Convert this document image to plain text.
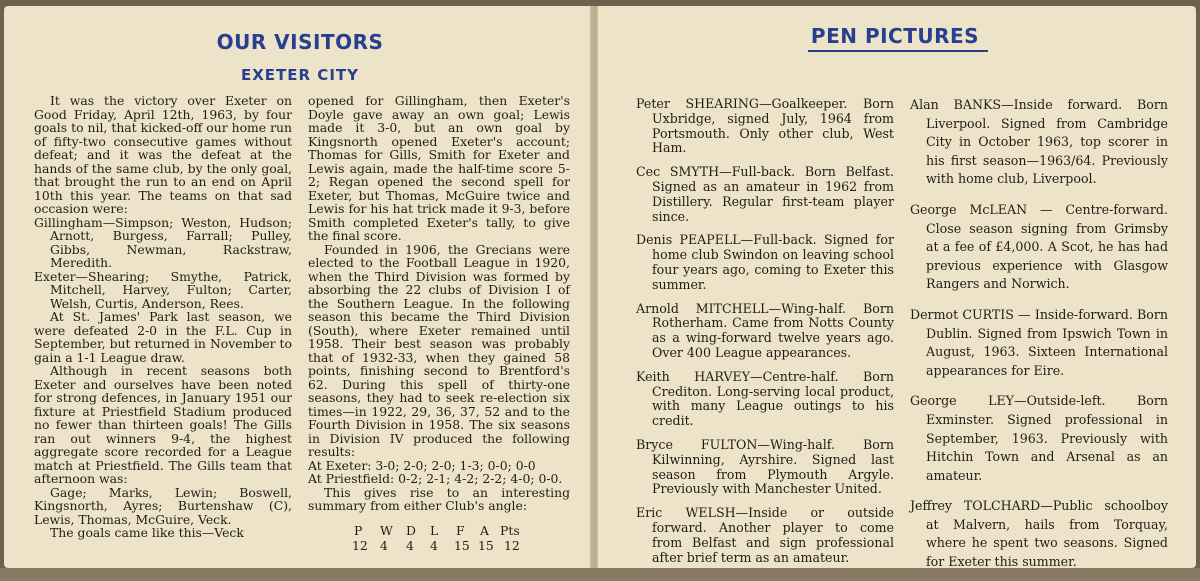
OUR VISITORS
EXETER CITY

It was the victory over Exeter on Good Friday, April 12th, 1963, by four goals to nil, that kicked-off our home run of fifty-two consecutive games without defeat; and it was the defeat at the hands of the same club, by the only goal, that brought the run to an end on April 10th this year. The teams on that sad occasion were:

Gillingham—Simpson; Weston, Hudson; Arnott, Burgess, Farrall; Pulley, Gibbs, Newman, Rackstraw, Meredith.

Exeter—Shearing; Smythe, Patrick, Mitchell, Harvey, Fulton; Carter, Welsh, Curtis, Anderson, Rees.

At St. James' Park last season, we were defeated 2-0 in the F.L. Cup in September, but returned in November to gain a 1-1 League draw.

Although in recent seasons both Exeter and ourselves have been noted for strong defences, in January 1951 our fixture at Priestfield Stadium produced no fewer than thirteen goals! The Gills ran out winners 9-4, the highest aggregate score recorded for a League match at Priestfield. The Gills team that afternoon was:

Gage; Marks, Lewin; Boswell, Kingsnorth, Ayres; Burtenshaw (C), Lewis, Thomas, McGuire, Veck.

The goals came like this—Veck

opened for Gillingham, then Exeter's Doyle gave away an own goal; Lewis made it 3-0, but an own goal by Kingsnorth opened Exeter's account; Thomas for Gills, Smith for Exeter and Lewis again, made the half-time score 5-2; Regan opened the second spell for Exeter, but Thomas, McGuire twice and Lewis for his hat trick made it 9-3, before Smith completed Exeter's tally, to give the final score.

Founded in 1906, the Grecians were elected to the Football League in 1920, when the Third Division was formed by absorbing the 22 clubs of Division I of the Southern League. In the following season this became the Third Division (South), where Exeter remained until 1958. Their best season was probably that of 1932-33, when they gained 58 points, finishing second to Brentford's 62. During this spell of thirty-one seasons, they had to seek re-election six times—in 1922, 29, 36, 37, 52 and to the Fourth Division in 1958. The six seasons in Division IV produced the following results:

At Exeter: 3-0; 2-0; 2-0; 1-3; 0-0; 0-0

At Priestfield: 0-2; 2-1; 4-2; 2-2; 4-0; 0-0.

This gives rise to an interesting summary from either Club's angle:

P W D L F A Pts
12 4 4 4 15 15 12
PEN PICTURES

Peter SHEARING—Goalkeeper. Born Uxbridge, signed July, 1964 from Portsmouth. Only other club, West Ham.

Cec SMYTH—Full-back. Born Belfast. Signed as an amateur in 1962 from Distillery. Regular first-team player since.

Denis PEAPELL—Full-back. Signed for home club Swindon on leaving school four years ago, coming to Exeter this summer.

Arnold MITCHELL—Wing-half. Born Rotherham. Came from Notts County as a wing-forward twelve years ago. Over 400 League appearances.

Keith HARVEY—Centre-half. Born Crediton. Long-serving local product, with many League outings to his credit.

Bryce FULTON—Wing-half. Born Kilwinning, Ayrshire. Signed last season from Plymouth Argyle. Previously with Manchester United.

Eric WELSH—Inside or outside forward. Another player to come from Belfast and sign professional after brief term as an amateur.

Alan BANKS—Inside forward. Born Liverpool. Signed from Cambridge City in October 1963, top scorer in his first season—1963/64. Previously with home club, Liverpool.

George McLEAN — Centre-forward. Close season signing from Grimsby at a fee of £4,000. A Scot, he has had previous experience with Glasgow Rangers and Norwich.

Dermot CURTIS — Inside-forward. Born Dublin. Signed from Ipswich Town in August, 1963. Sixteen International appearances for Eire.

George LEY—Outside-left. Born Exminster. Signed professional in September, 1963. Previously with Hitchin Town and Arsenal as an amateur.

Jeffrey TOLCHARD—Public schoolboy at Malvern, hails from Torquay, where he spent two seasons. Signed for Exeter this summer.
